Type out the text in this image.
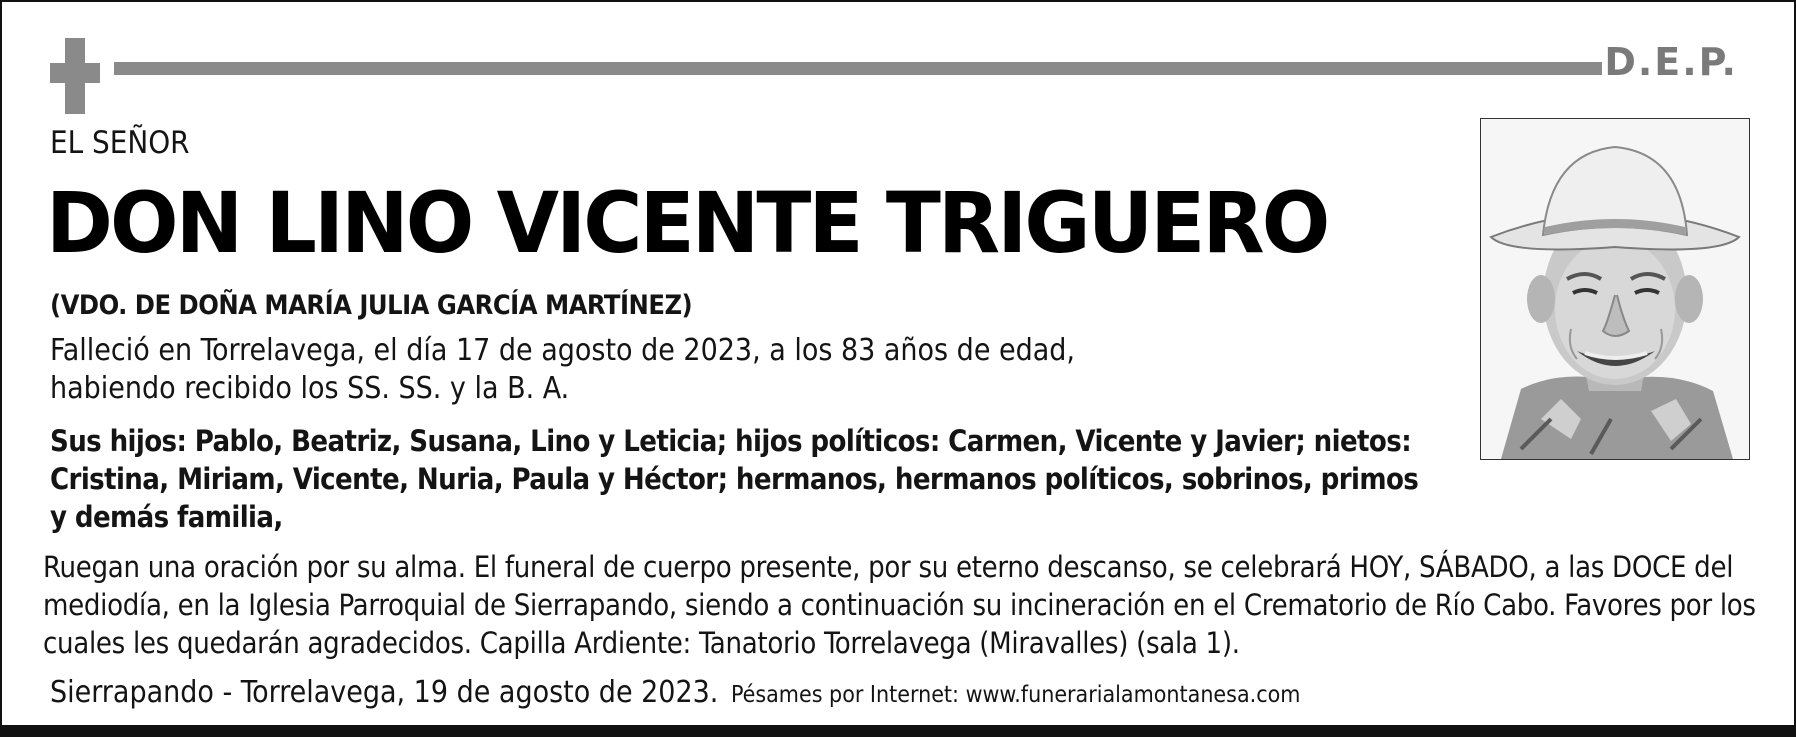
D.E.P.
EL SEÑOR
DON LINO VICENTE TRIGUERO
(VDO. DE DOÑA MARÍA JULIA GARCÍA MARTÍNEZ)
Falleció en Torrelavega, el día 17 de agosto de 2023, a los 83 años de edad,
habiendo recibido los SS. SS. y la B. A.
Sus hijos: Pablo, Beatriz, Susana, Lino y Leticia; hijos políticos: Carmen, Vicente y Javier; nietos: Cristina, Miriam, Vicente, Nuria, Paula y Héctor; hermanos, hermanos políticos, sobrinos, primos y demás familia,
Ruegan una oración por su alma. El funeral de cuerpo presente, por su eterno descanso, se celebrará HOY, SÁBADO, a las DOCE del mediodía, en la Iglesia Parroquial de Sierrapando, siendo a continuación su incineración en el Crematorio de Río Cabo. Favores por los cuales les quedarán agradecidos. Capilla Ardiente: Tanatorio Torrelavega (Miravalles) (sala 1).
Sierrapando - Torrelavega, 19 de agosto de 2023. Pésames por Internet: www.funerarialamontanesa.com
